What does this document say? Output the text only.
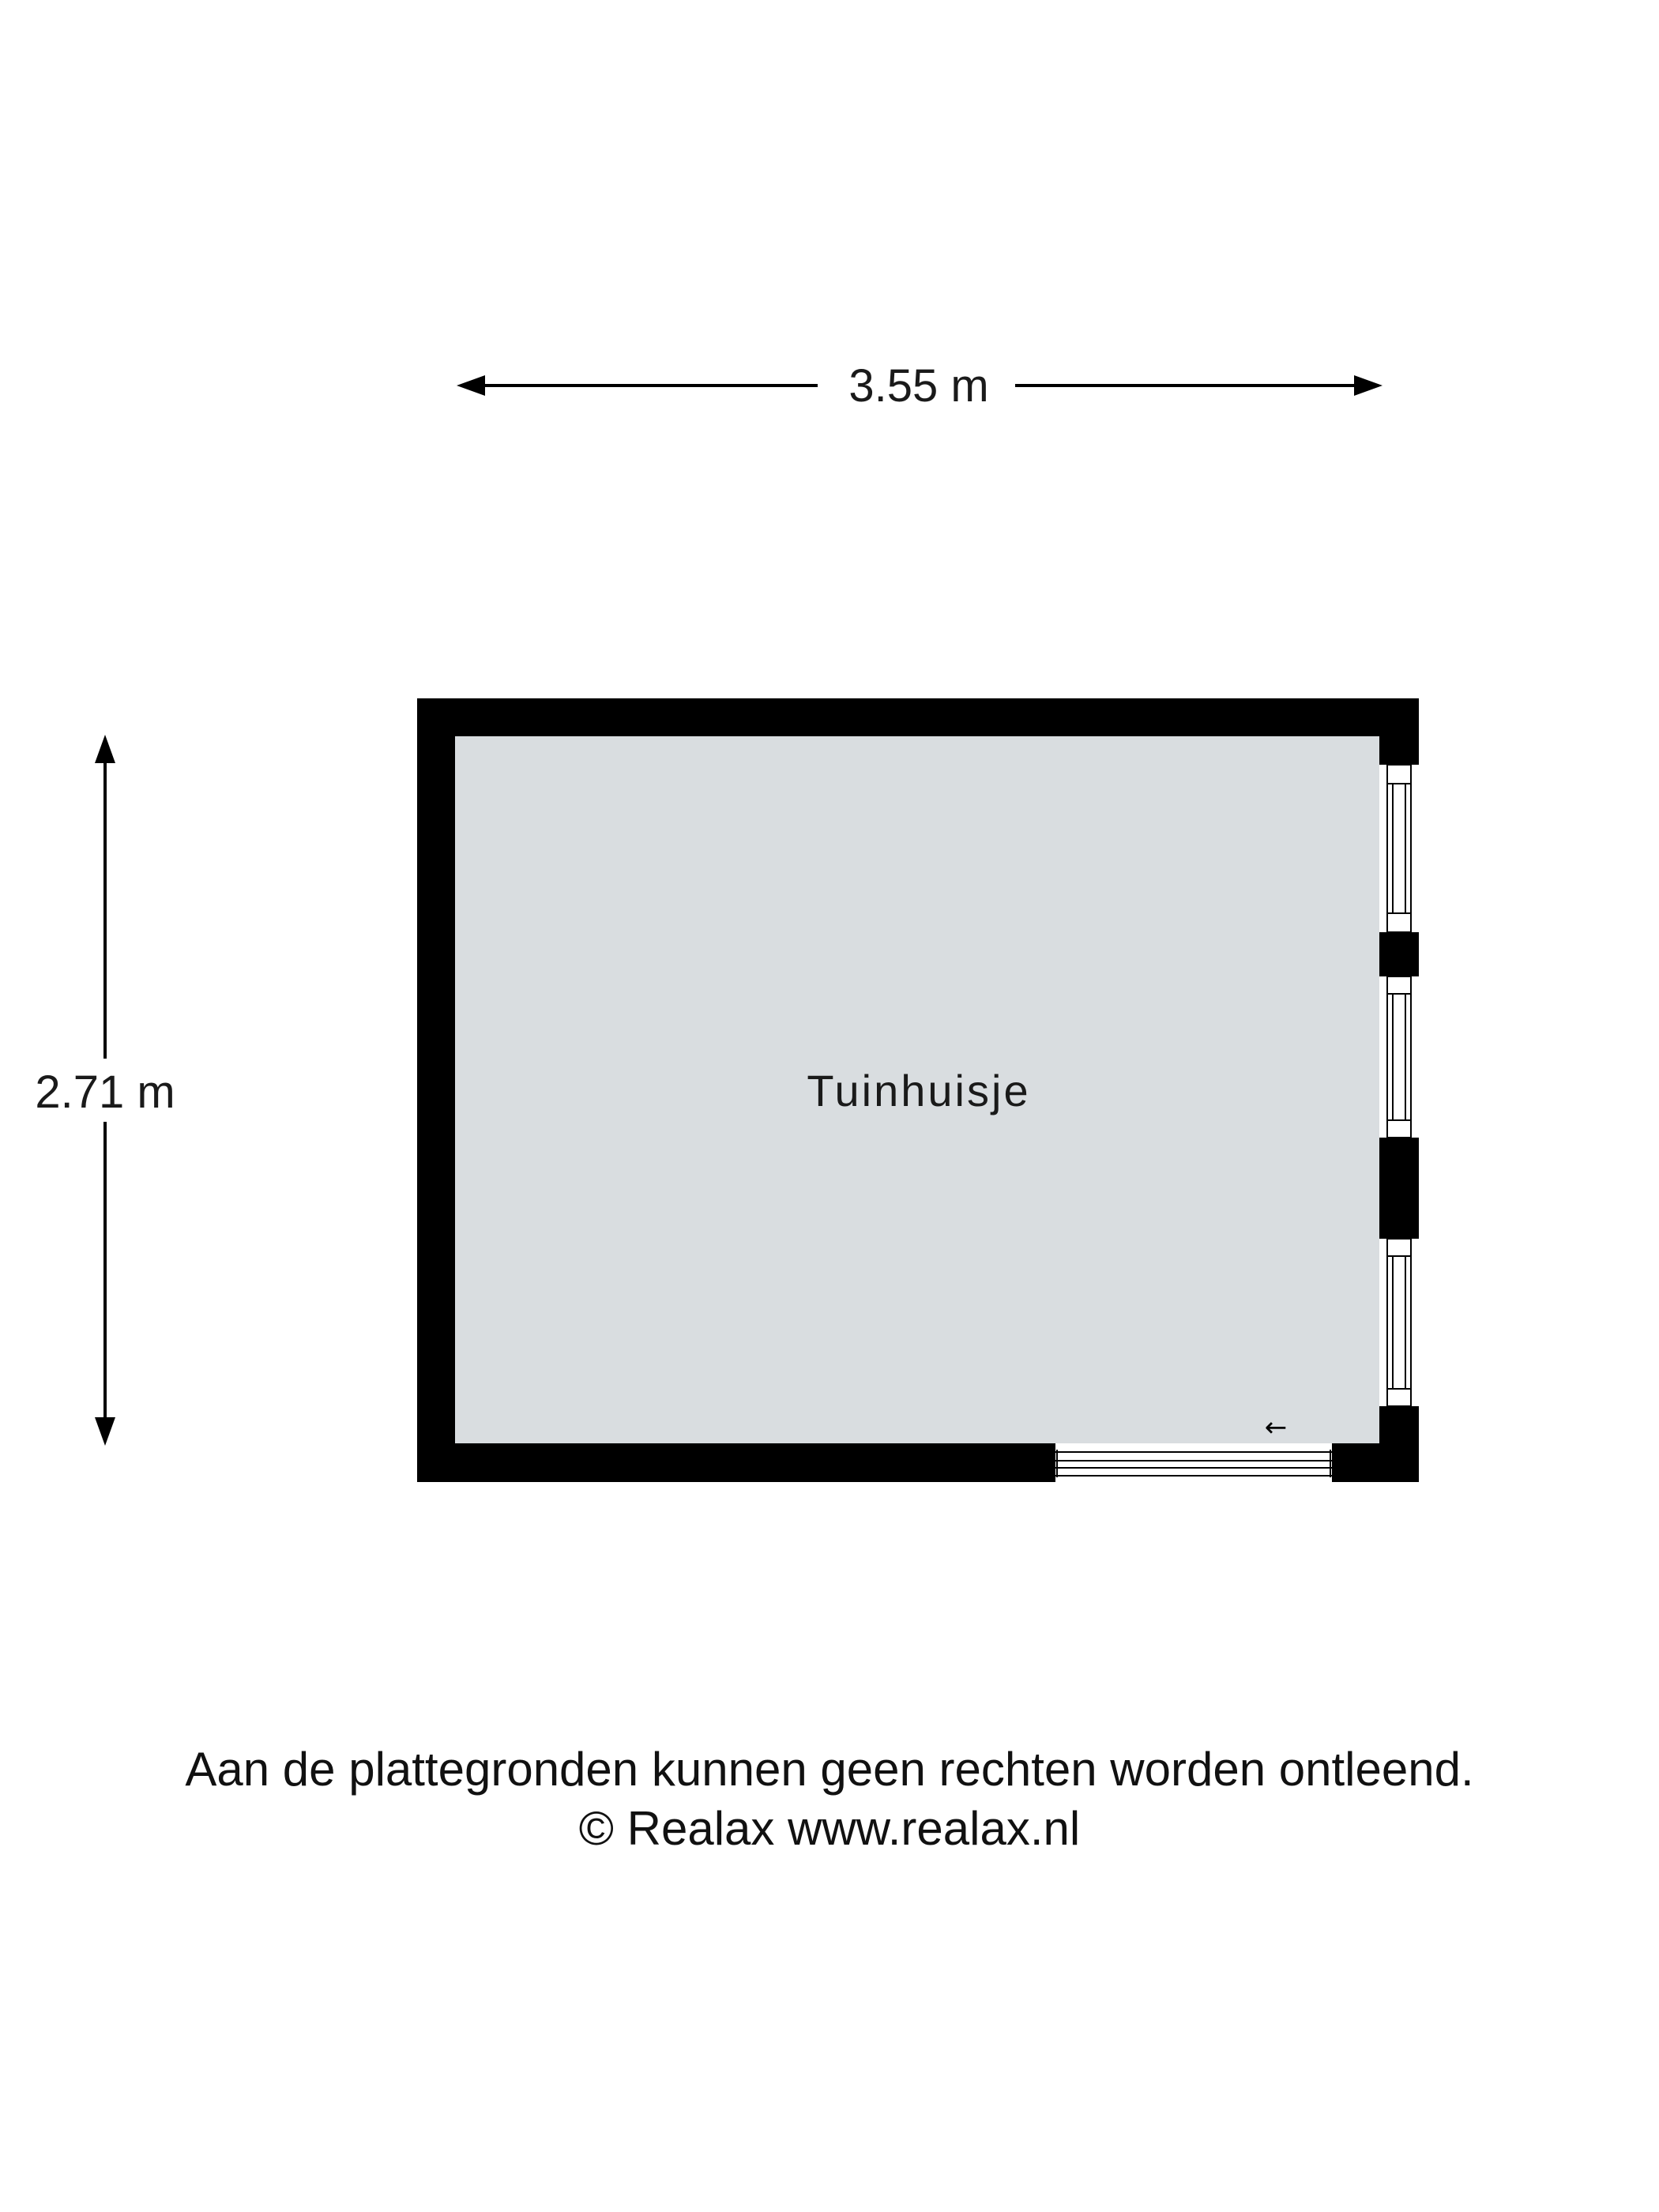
3.55 m
2.71 m
←
Tuinhuisje

Aan de plattegronden kunnen geen rechten worden ontleend.

© Realax www.realax.nl
